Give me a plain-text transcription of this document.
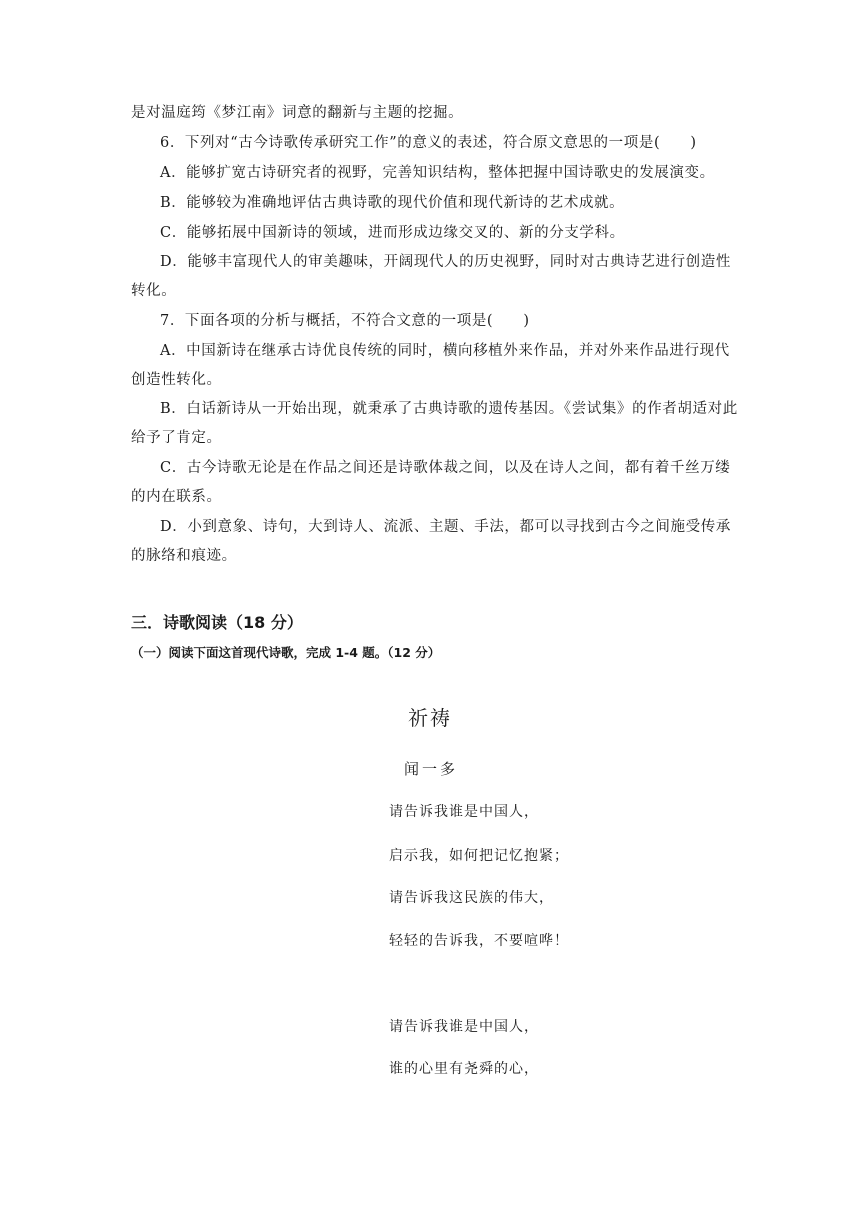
是对温庭筠《梦江南》词意的翻新与主题的挖掘。
6．下列对“古今诗歌传承研究工作”的意义的表述，符合原文意思的一项是(　　)
A．能够扩宽古诗研究者的视野，完善知识结构，整体把握中国诗歌史的发展演变。
B．能够较为准确地评估古典诗歌的现代价值和现代新诗的艺术成就。
C．能够拓展中国新诗的领域，进而形成边缘交叉的、新的分支学科。
D．能够丰富现代人的审美趣味，开阔现代人的历史视野，同时对古典诗艺进行创造性
转化。
7．下面各项的分析与概括，不符合文意的一项是(　　)
A．中国新诗在继承古诗优良传统的同时，横向移植外来作品，并对外来作品进行现代
创造性转化。
B．白话新诗从一开始出现，就秉承了古典诗歌的遗传基因。《尝试集》的作者胡适对此
给予了肯定。
C．古今诗歌无论是在作品之间还是诗歌体裁之间，以及在诗人之间，都有着千丝万缕
的内在联系。
D．小到意象、诗句，大到诗人、流派、主题、手法，都可以寻找到古今之间施受传承
的脉络和痕迹。
三．诗歌阅读（18 分）
（一）阅读下面这首现代诗歌，完成 1-4 题。（12 分）
祈祷
闻一多
请告诉我谁是中国人，
启示我，如何把记忆抱紧；
请告诉我这民族的伟大，
轻轻的告诉我，不要喧哗！
请告诉我谁是中国人，
谁的心里有尧舜的心，
